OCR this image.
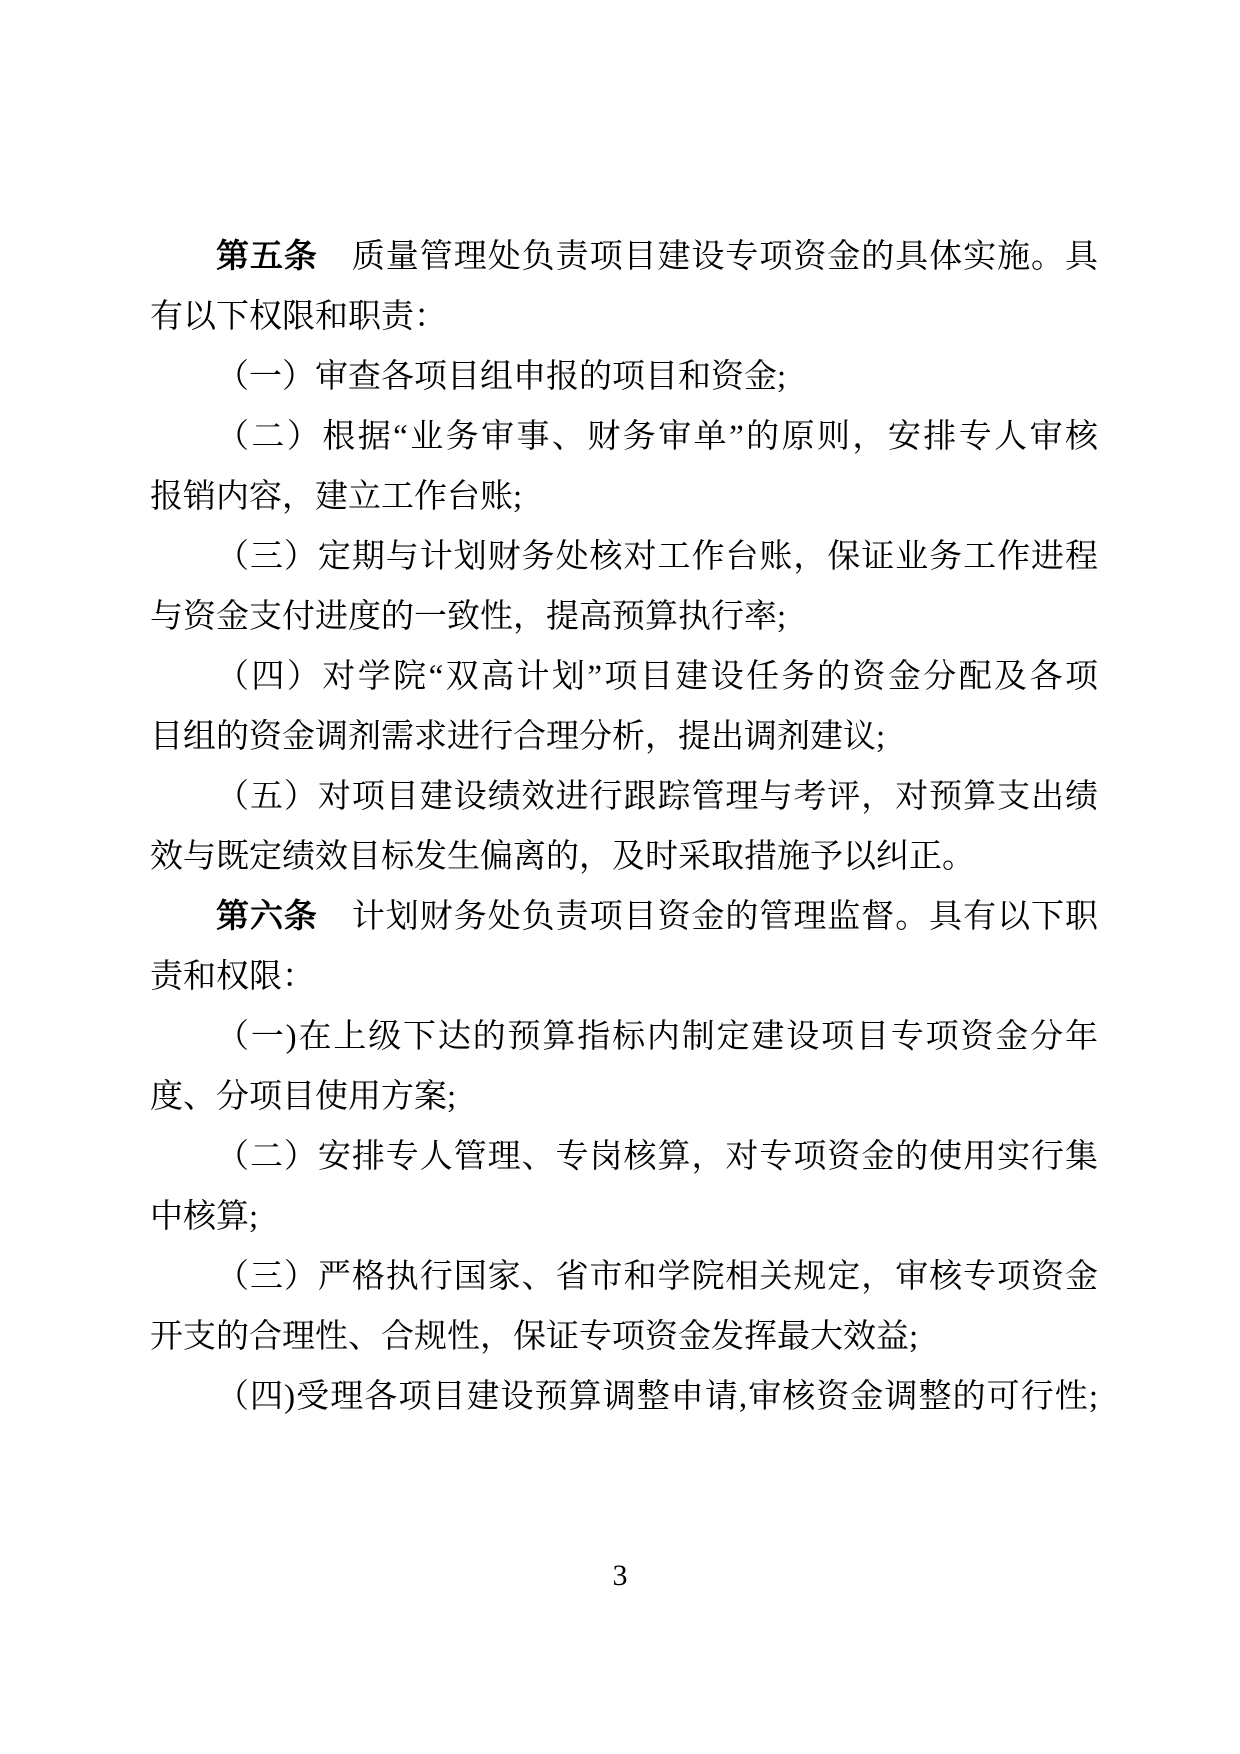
第五条　质量管理处负责项目建设专项资金的具体实施。具
有以下权限和职责：
（一）审查各项目组申报的项目和资金;
（二）根据“业务审事、财务审单”的原则，安排专人审核
报销内容，建立工作台账;
（三）定期与计划财务处核对工作台账，保证业务工作进程
与资金支付进度的一致性，提高预算执行率;
（四）对学院“双高计划”项目建设任务的资金分配及各项
目组的资金调剂需求进行合理分析，提出调剂建议;
（五）对项目建设绩效进行跟踪管理与考评，对预算支出绩
效与既定绩效目标发生偏离的，及时采取措施予以纠正。
第六条　计划财务处负责项目资金的管理监督。具有以下职
责和权限：
（一)在上级下达的预算指标内制定建设项目专项资金分年
度、分项目使用方案;
（二）安排专人管理、专岗核算，对专项资金的使用实行集
中核算;
（三）严格执行国家、省市和学院相关规定，审核专项资金
开支的合理性、合规性，保证专项资金发挥最大效益;
（四)受理各项目建设预算调整申请,审核资金调整的可行性;
3
